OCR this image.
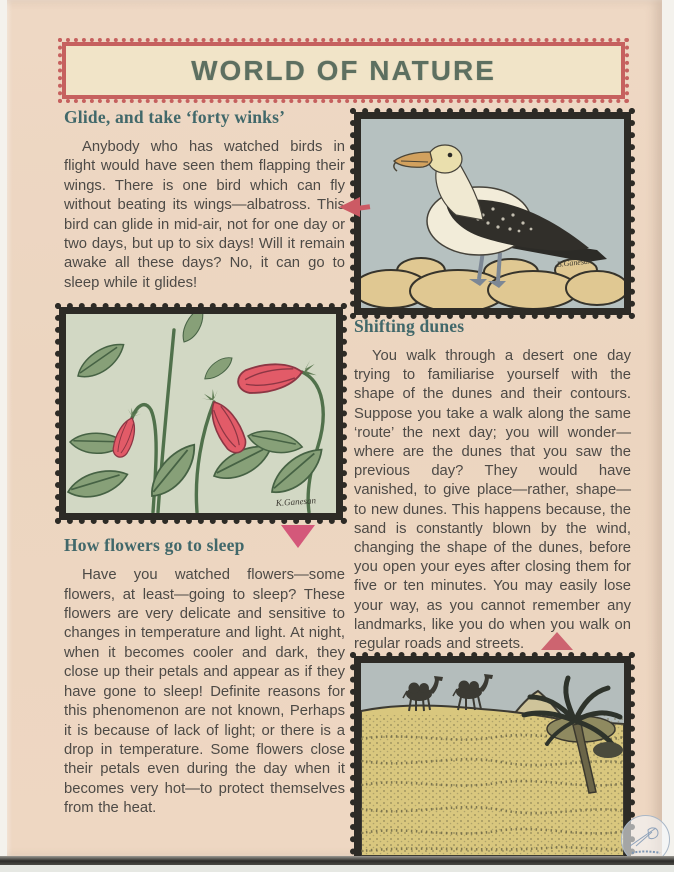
WORLD OF NATURE
Glide, and take ‘forty winks’

Anybody who has watched birds in flight would have seen them flapping their wings. There is one bird which can fly without beating its wings—albatross. This bird can glide in mid-air, not for one day or two days, but up to six days! Will it remain awake all these days? No, it can go to sleep while it glides!

K.Ganesan
How flowers go to sleep

Have you watched flowers—some flowers, at least—going to sleep? These flowers are very delicate and sensitive to changes in temperature and light. At night, when it becomes cooler and dark, they close up their petals and appear as if they have gone to sleep! Definite reasons for this phenomenon are not known, Perhaps it is because of lack of light; or there is a drop in temperature. Some flowers close their petals even during the day when it becomes very hot—to protect themselves from the heat.

B.Ganesan
Shifting dunes

You walk through a desert one day trying to familiarise yourself with the shape of the dunes and their contours. Suppose you take a walk along the same ‘route’ the next day; you will wonder—where are the dunes that you saw the previous day? They would have vanished, to give place—rather, shape—to new dunes. This happens because, the sand is constantly blown by the wind, changing the shape of the dunes, before you open your eyes after closing them for five or ten minutes. You may easily lose your way, as you cannot remember any landmarks, like you do when you walk on regular roads and streets.
